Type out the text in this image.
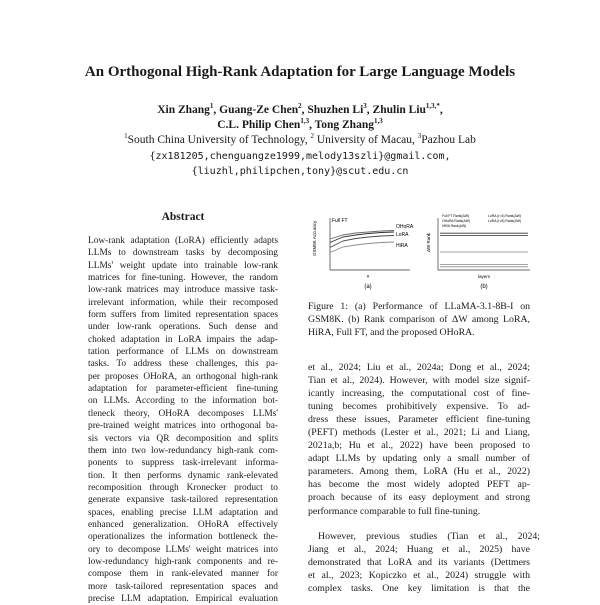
An Orthogonal High-Rank Adaptation for Large Language Models
Xin Zhang$^1$, Guang-Ze Chen$^2$, Shuzhen Li$^3$, Zhulin Liu$^{1,3,*}$,
C.L. Philip Chen$^{1,3}$, Tong Zhang$^{1,3}$
$^1$South China University of Technology, $^2$ University of Macau, $^3$Pazhou Lab
{zx181205,chenguangze1999,melody13szli}@gmail.com,
{liuzhl,philipchen,tony}@scut.edu.cn
Abstract
Low-rank adaptation (LoRA) efficiently adapts
LLMs to downstream tasks by decomposing
LLMs' weight update into trainable low-rank
matrices for fine-tuning. However, the random
low-rank matrices may introduce massive task-
irrelevant information, while their recomposed
form suffers from limited representation spaces
under low-rank operations. Such dense and
choked adaptation in LoRA impairs the adap-
tation performance of LLMs on downstream
tasks. To address these challenges, this pa-
per proposes OHoRA, an orthogonal high-rank
adaptation for parameter-efficient fine-tuning
on LLMs. According to the information bot-
tleneck theory, OHoRA decomposes LLMs'
pre-trained weight matrices into orthogonal ba-
sis vectors via QR decomposition and splits
them into two low-redundancy high-rank com-
ponents to suppress task-irrelevant informa-
tion. It then performs dynamic rank-elevated
recomposition through Kronecker product to
generate expansive task-tailored representation
spaces, enabling precise LLM adaptation and
enhanced generalization. OHoRA effectively
operationalizes the information bottleneck the-
ory to decompose LLMs' weight matrices into
low-redundancy high-rank components and re-
compose them in rank-elevated manner for
more task-tailored representation spaces and
precise LLM adaptation. Empirical evaluation
GSM8K Accuracy
#
Full FT
OHoRA
LoRA
HiRA
(a)
ΔW Rank
layers
Full FT Rank(ΔW)	LoRA (r=4) Rank(ΔW)
OHoRA Rank(ΔW)	LoRA (r=8) Rank(ΔW)
HiRA Rank(ΔW)
(b)
Figure 1: (a) Performance of LLaMA-3.1-8B-I on
GSM8K. (b) Rank comparison of ΔW among LoRA,
HiRA, Full FT, and the proposed OHoRA.
et al., 2024; Liu et al., 2024a; Dong et al., 2024;
Tian et al., 2024). However, with model size signif-
icantly increasing, the computational cost of fine-
tuning becomes prohibitively expensive. To ad-
dress these issues, Parameter efficient fine-tuning
(PEFT) methods (Lester et al., 2021; Li and Liang,
2021a,b; Hu et al., 2022) have been proposed to
adapt LLMs by updating only a small number of
parameters. Among them, LoRA (Hu et al., 2022)
has become the most widely adopted PEFT ap-
proach because of its easy deployment and strong
performance comparable to full fine-tuning.
However, previous studies (Tian et al., 2024;
Jiang et al., 2024; Huang et al., 2025) have
demonstrated that LoRA and its variants (Dettmers
et al., 2023; Kopiczko et al., 2024) struggle with
complex tasks. One key limitation is that the
